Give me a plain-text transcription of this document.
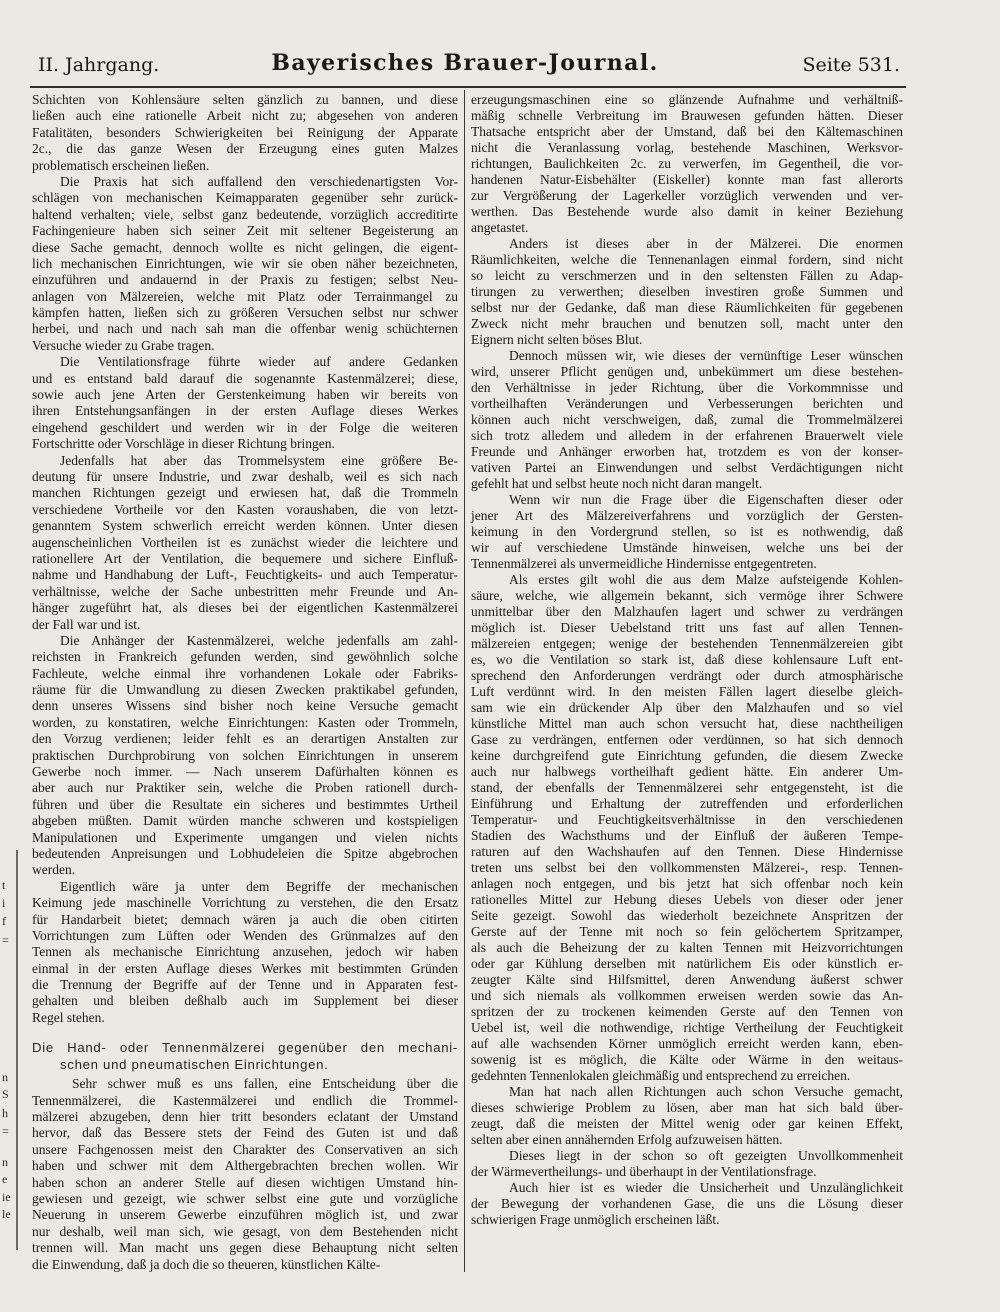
II. Jahrgang.	Bayerisches Brauer-Journal.	Seite 531.
t
i
f
=
n
S
h
=
n
e
ie
le
Schichten von Kohlensäure selten gänzlich zu bannen, und diese
ließen auch eine rationelle Arbeit nicht zu; abgesehen von anderen
Fatalitäten, besonders Schwierigkeiten bei Reinigung der Apparate
2c., die das ganze Wesen der Erzeugung eines guten Malzes
problematisch erscheinen ließen.
Die Praxis hat sich auffallend den verschiedenartigsten Vor-
schlägen von mechanischen Keimapparaten gegenüber sehr zurück-
haltend verhalten; viele, selbst ganz bedeutende, vorzüglich accreditirte
Fachingenieure haben sich seiner Zeit mit seltener Begeisterung an
diese Sache gemacht, dennoch wollte es nicht gelingen, die eigent-
lich mechanischen Einrichtungen, wie wir sie oben näher bezeichneten,
einzuführen und andauernd in der Praxis zu festigen; selbst Neu-
anlagen von Mälzereien, welche mit Platz oder Terrainmangel zu
kämpfen hatten, ließen sich zu größeren Versuchen selbst nur schwer
herbei, und nach und nach sah man die offenbar wenig schüchternen
Versuche wieder zu Grabe tragen.
Die Ventilationsfrage führte wieder auf andere Gedanken
und es entstand bald darauf die sogenannte Kastenmälzerei; diese,
sowie auch jene Arten der Gerstenkeimung haben wir bereits von
ihren Entstehungsanfängen in der ersten Auflage dieses Werkes
eingehend geschildert und werden wir in der Folge die weiteren
Fortschritte oder Vorschläge in dieser Richtung bringen.
Jedenfalls hat aber das Trommelsystem eine größere Be-
deutung für unsere Industrie, und zwar deshalb, weil es sich nach
manchen Richtungen gezeigt und erwiesen hat, daß die Trommeln
verschiedene Vortheile vor den Kasten voraushaben, die von letzt-
genanntem System schwerlich erreicht werden können. Unter diesen
augenscheinlichen Vortheilen ist es zunächst wieder die leichtere und
rationellere Art der Ventilation, die bequemere und sichere Einfluß-
nahme und Handhabung der Luft-, Feuchtigkeits- und auch Temperatur-
verhältnisse, welche der Sache unbestritten mehr Freunde und An-
hänger zugeführt hat, als dieses bei der eigentlichen Kastenmälzerei
der Fall war und ist.
Die Anhänger der Kastenmälzerei, welche jedenfalls am zahl-
reichsten in Frankreich gefunden werden, sind gewöhnlich solche
Fachleute, welche einmal ihre vorhandenen Lokale oder Fabriks-
räume für die Umwandlung zu diesen Zwecken praktikabel gefunden,
denn unseres Wissens sind bisher noch keine Versuche gemacht
worden, zu konstatiren, welche Einrichtungen: Kasten oder Trommeln,
den Vorzug verdienen; leider fehlt es an derartigen Anstalten zur
praktischen Durchprobirung von solchen Einrichtungen in unserem
Gewerbe noch immer. — Nach unserem Dafürhalten können es
aber auch nur Praktiker sein, welche die Proben rationell durch-
führen und über die Resultate ein sicheres und bestimmtes Urtheil
abgeben müßten. Damit würden manche schweren und kostspieligen
Manipulationen und Experimente umgangen und vielen nichts
bedeutenden Anpreisungen und Lobhudeleien die Spitze abgebrochen
werden.
Eigentlich wäre ja unter dem Begriffe der mechanischen
Keimung jede maschinelle Vorrichtung zu verstehen, die den Ersatz
für Handarbeit bietet; demnach wären ja auch die oben citirten
Vorrichtungen zum Lüften oder Wenden des Grünmalzes auf den
Tennen als mechanische Einrichtung anzusehen, jedoch wir haben
einmal in der ersten Auflage dieses Werkes mit bestimmten Gründen
die Trennung der Begriffe auf der Tenne und in Apparaten fest-
gehalten und bleiben deßhalb auch im Supplement bei dieser
Regel stehen.
Die Hand- oder Tennenmälzerei gegenüber den mechani-
schen und pneumatischen Einrichtungen.
Sehr schwer muß es uns fallen, eine Entscheidung über die
Tennenmälzerei, die Kastenmälzerei und endlich die Trommel-
mälzerei abzugeben, denn hier tritt besonders eclatant der Umstand
hervor, daß das Bessere stets der Feind des Guten ist und daß
unsere Fachgenossen meist den Charakter des Conservativen an sich
haben und schwer mit dem Althergebrachten brechen wollen. Wir
haben schon an anderer Stelle auf diesen wichtigen Umstand hin-
gewiesen und gezeigt, wie schwer selbst eine gute und vorzügliche
Neuerung in unserem Gewerbe einzuführen möglich ist, und zwar
nur deshalb, weil man sich, wie gesagt, von dem Bestehenden nicht
trennen will. Man macht uns gegen diese Behauptung nicht selten
die Einwendung, daß ja doch die so theueren, künstlichen Kälte-
erzeugungsmaschinen eine so glänzende Aufnahme und verhältniß-
mäßig schnelle Verbreitung im Brauwesen gefunden hätten. Dieser
Thatsache entspricht aber der Umstand, daß bei den Kältemaschinen
nicht die Veranlassung vorlag, bestehende Maschinen, Werksvor-
richtungen, Baulichkeiten 2c. zu verwerfen, im Gegentheil, die vor-
handenen Natur-Eisbehälter (Eiskeller) konnte man fast allerorts
zur Vergrößerung der Lagerkeller vorzüglich verwenden und ver-
werthen. Das Bestehende wurde also damit in keiner Beziehung
angetastet.
Anders ist dieses aber in der Mälzerei. Die enormen
Räumlichkeiten, welche die Tennenanlagen einmal fordern, sind nicht
so leicht zu verschmerzen und in den seltensten Fällen zu Adap-
tirungen zu verwerthen; dieselben investiren große Summen und
selbst nur der Gedanke, daß man diese Räumlichkeiten für gegebenen
Zweck nicht mehr brauchen und benutzen soll, macht unter den
Eignern nicht selten böses Blut.
Dennoch müssen wir, wie dieses der vernünftige Leser wünschen
wird, unserer Pflicht genügen und, unbekümmert um diese bestehen-
den Verhältnisse in jeder Richtung, über die Vorkommnisse und
vortheilhaften Veränderungen und Verbesserungen berichten und
können auch nicht verschweigen, daß, zumal die Trommelmälzerei
sich trotz alledem und alledem in der erfahrenen Brauerwelt viele
Freunde und Anhänger erworben hat, trotzdem es von der konser-
vativen Partei an Einwendungen und selbst Verdächtigungen nicht
gefehlt hat und selbst heute noch nicht daran mangelt.
Wenn wir nun die Frage über die Eigenschaften dieser oder
jener Art des Mälzereiverfahrens und vorzüglich der Gersten-
keimung in den Vordergrund stellen, so ist es nothwendig, daß
wir auf verschiedene Umstände hinweisen, welche uns bei der
Tennenmälzerei als unvermeidliche Hindernisse entgegentreten.
Als erstes gilt wohl die aus dem Malze aufsteigende Kohlen-
säure, welche, wie allgemein bekannt, sich vermöge ihrer Schwere
unmittelbar über den Malzhaufen lagert und schwer zu verdrängen
möglich ist. Dieser Uebelstand tritt uns fast auf allen Tennen-
mälzereien entgegen; wenige der bestehenden Tennenmälzereien gibt
es, wo die Ventilation so stark ist, daß diese kohlensaure Luft ent-
sprechend den Anforderungen verdrängt oder durch atmosphärische
Luft verdünnt wird. In den meisten Fällen lagert dieselbe gleich-
sam wie ein drückender Alp über den Malzhaufen und so viel
künstliche Mittel man auch schon versucht hat, diese nachtheiligen
Gase zu verdrängen, entfernen oder verdünnen, so hat sich dennoch
keine durchgreifend gute Einrichtung gefunden, die diesem Zwecke
auch nur halbwegs vortheilhaft gedient hätte. Ein anderer Um-
stand, der ebenfalls der Tennenmälzerei sehr entgegensteht, ist die
Einführung und Erhaltung der zutreffenden und erforderlichen
Temperatur- und Feuchtigkeitsverhältnisse in den verschiedenen
Stadien des Wachsthums und der Einfluß der äußeren Tempe-
raturen auf den Wachshaufen auf den Tennen. Diese Hindernisse
treten uns selbst bei den vollkommensten Mälzerei-, resp. Tennen-
anlagen noch entgegen, und bis jetzt hat sich offenbar noch kein
rationelles Mittel zur Hebung dieses Uebels von dieser oder jener
Seite gezeigt. Sowohl das wiederholt bezeichnete Anspritzen der
Gerste auf der Tenne mit noch so fein gelöchertem Spritzamper,
als auch die Beheizung der zu kalten Tennen mit Heizvorrichtungen
oder gar Kühlung derselben mit natürlichem Eis oder künstlich er-
zeugter Kälte sind Hilfsmittel, deren Anwendung äußerst schwer
und sich niemals als vollkommen erweisen werden sowie das An-
spritzen der zu trockenen keimenden Gerste auf den Tennen von
Uebel ist, weil die nothwendige, richtige Vertheilung der Feuchtigkeit
auf alle wachsenden Körner unmöglich erreicht werden kann, eben-
sowenig ist es möglich, die Kälte oder Wärme in den weitaus-
gedehnten Tennenlokalen gleichmäßig und entsprechend zu erreichen.
Man hat nach allen Richtungen auch schon Versuche gemacht,
dieses schwierige Problem zu lösen, aber man hat sich bald über-
zeugt, daß die meisten der Mittel wenig oder gar keinen Effekt,
selten aber einen annähernden Erfolg aufzuweisen hätten.
Dieses liegt in der schon so oft gezeigten Unvollkommenheit
der Wärmevertheilungs- und überhaupt in der Ventilationsfrage.
Auch hier ist es wieder die Unsicherheit und Unzulänglichkeit
der Bewegung der vorhandenen Gase, die uns die Lösung dieser
schwierigen Frage unmöglich erscheinen läßt.
